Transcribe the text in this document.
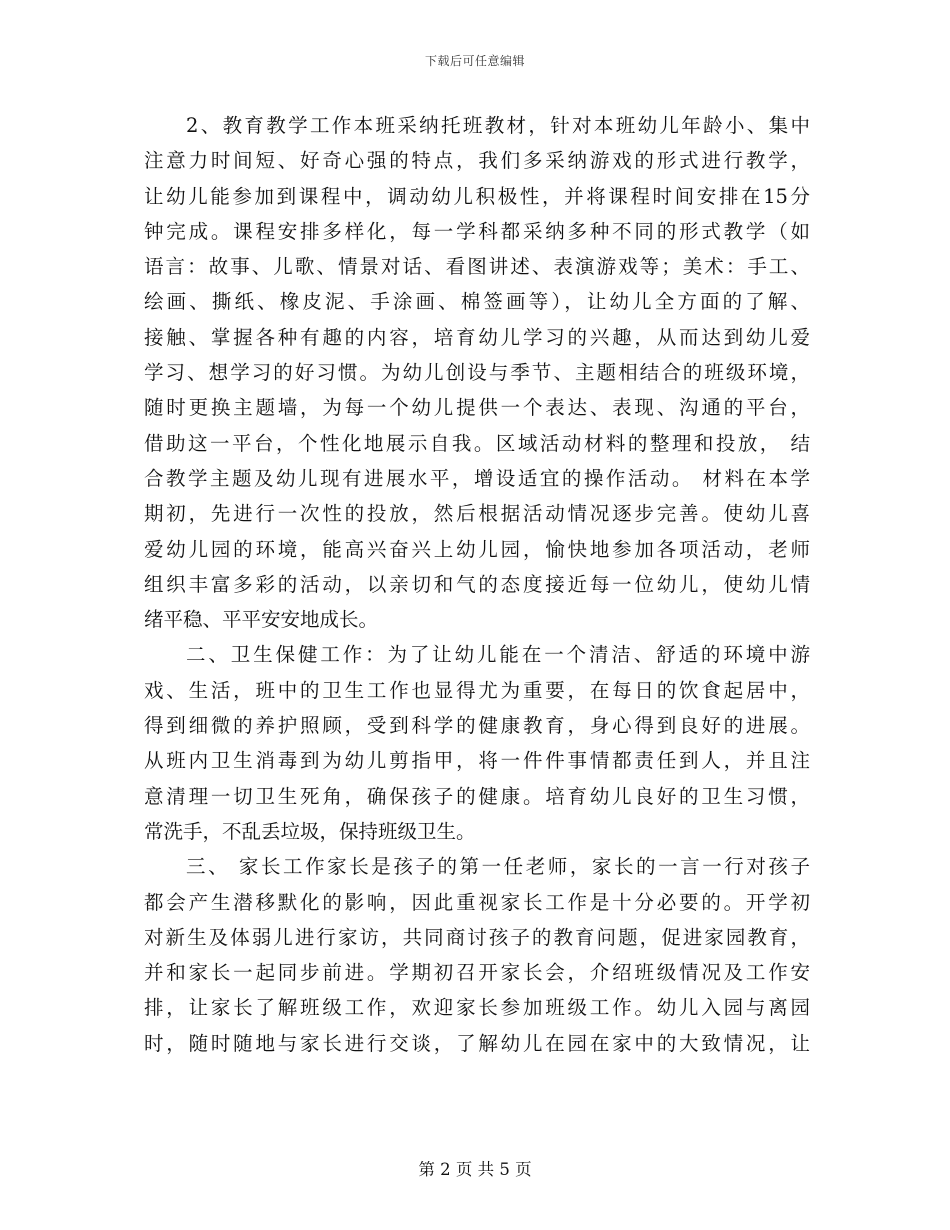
下载后可任意编辑
2、教育教学工作本班采纳托班教材，针对本班幼儿年龄小、集中
注意力时间短、好奇心强的特点，我们多采纳游戏的形式进行教学，
让幼儿能参加到课程中，调动幼儿积极性，并将课程时间安排在15分
钟完成。课程安排多样化，每一学科都采纳多种不同的形式教学（如
语言：故事、儿歌、情景对话、看图讲述、表演游戏等；美术：手工、
绘画、撕纸、橡皮泥、手涂画、棉签画等），让幼儿全方面的了解、
接触、掌握各种有趣的内容，培育幼儿学习的兴趣，从而达到幼儿爱
学习、想学习的好习惯。为幼儿创设与季节、主题相结合的班级环境，
随时更换主题墙，为每一个幼儿提供一个表达、表现、沟通的平台，
借助这一平台，个性化地展示自我。区域活动材料的整理和投放， 结
合教学主题及幼儿现有进展水平，增设适宜的操作活动。 材料在本学
期初，先进行一次性的投放，然后根据活动情况逐步完善。使幼儿喜
爱幼儿园的环境，能高兴奋兴上幼儿园，愉快地参加各项活动，老师
组织丰富多彩的活动，以亲切和气的态度接近每一位幼儿，使幼儿情
绪平稳、平平安安地成长。
二、卫生保健工作：为了让幼儿能在一个清洁、舒适的环境中游
戏、生活，班中的卫生工作也显得尤为重要，在每日的饮食起居中，
得到细微的养护照顾，受到科学的健康教育，身心得到良好的进展。
从班内卫生消毒到为幼儿剪指甲，将一件件事情都责任到人，并且注
意清理一切卫生死角，确保孩子的健康。培育幼儿良好的卫生习惯，
常洗手，不乱丢垃圾，保持班级卫生。
三、 家长工作家长是孩子的第一任老师，家长的一言一行对孩子
都会产生潜移默化的影响，因此重视家长工作是十分必要的。开学初
对新生及体弱儿进行家访，共同商讨孩子的教育问题，促进家园教育，
并和家长一起同步前进。学期初召开家长会，介绍班级情况及工作安
排，让家长了解班级工作，欢迎家长参加班级工作。幼儿入园与离园
时，随时随地与家长进行交谈，了解幼儿在园在家中的大致情况，让
第 2 页 共 5 页
